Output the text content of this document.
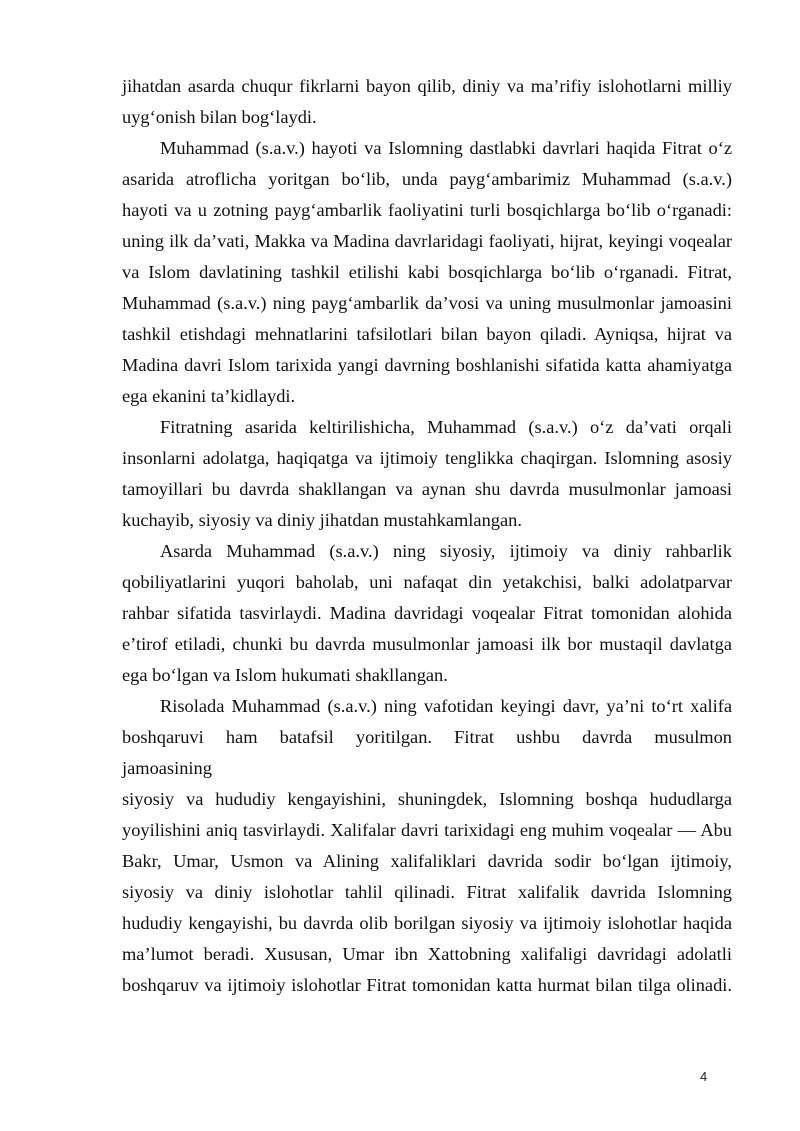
jihatdan asarda chuqur fikrlarni bayon qilib, diniy va ma’rifiy islohotlarni milliy
uyg‘onish bilan bog‘laydi.
Muhammad (s.a.v.) hayoti va Islomning dastlabki davrlari haqida Fitrat o‘z
asarida atroflicha yoritgan bo‘lib, unda payg‘ambarimiz Muhammad (s.a.v.)
hayoti va u zotning payg‘ambarlik faoliyatini turli bosqichlarga bo‘lib o‘rganadi:
uning ilk da’vati, Makka va Madina davrlaridagi faoliyati, hijrat, keyingi voqealar
va Islom davlatining tashkil etilishi kabi bosqichlarga bo‘lib o‘rganadi. Fitrat,
Muhammad (s.a.v.) ning payg‘ambarlik da’vosi va uning musulmonlar jamoasini
tashkil etishdagi mehnatlarini tafsilotlari bilan bayon qiladi. Ayniqsa, hijrat va
Madina davri Islom tarixida yangi davrning boshlanishi sifatida katta ahamiyatga
ega ekanini ta’kidlaydi.
Fitratning asarida keltirilishicha, Muhammad (s.a.v.) o‘z da’vati orqali
insonlarni adolatga, haqiqatga va ijtimoiy tenglikka chaqirgan. Islomning asosiy
tamoyillari bu davrda shakllangan va aynan shu davrda musulmonlar jamoasi
kuchayib, siyosiy va diniy jihatdan mustahkamlangan.
Asarda Muhammad (s.a.v.) ning siyosiy, ijtimoiy va diniy rahbarlik
qobiliyatlarini yuqori baholab, uni nafaqat din yetakchisi, balki adolatparvar
rahbar sifatida tasvirlaydi. Madina davridagi voqealar Fitrat tomonidan alohida
e’tirof etiladi, chunki bu davrda musulmonlar jamoasi ilk bor mustaqil davlatga
ega bo‘lgan va Islom hukumati shakllangan.
Risolada Muhammad (s.a.v.) ning vafotidan keyingi davr, ya’ni to‘rt xalifa
boshqaruvi ham batafsil yoritilgan. Fitrat ushbu davrda musulmon
jamoasining
siyosiy va hududiy kengayishini, shuningdek, Islomning boshqa hududlarga
yoyilishini aniq tasvirlaydi. Xalifalar davri tarixidagi eng muhim voqealar — Abu
Bakr, Umar, Usmon va Alining xalifaliklari davrida sodir bo‘lgan ijtimoiy,
siyosiy va diniy islohotlar tahlil qilinadi. Fitrat xalifalik davrida Islomning
hududiy kengayishi, bu davrda olib borilgan siyosiy va ijtimoiy islohotlar haqida
ma’lumot beradi. Xususan, Umar ibn Xattobning xalifaligi davridagi adolatli
boshqaruv va ijtimoiy islohotlar Fitrat tomonidan katta hurmat bilan tilga olinadi.
4
